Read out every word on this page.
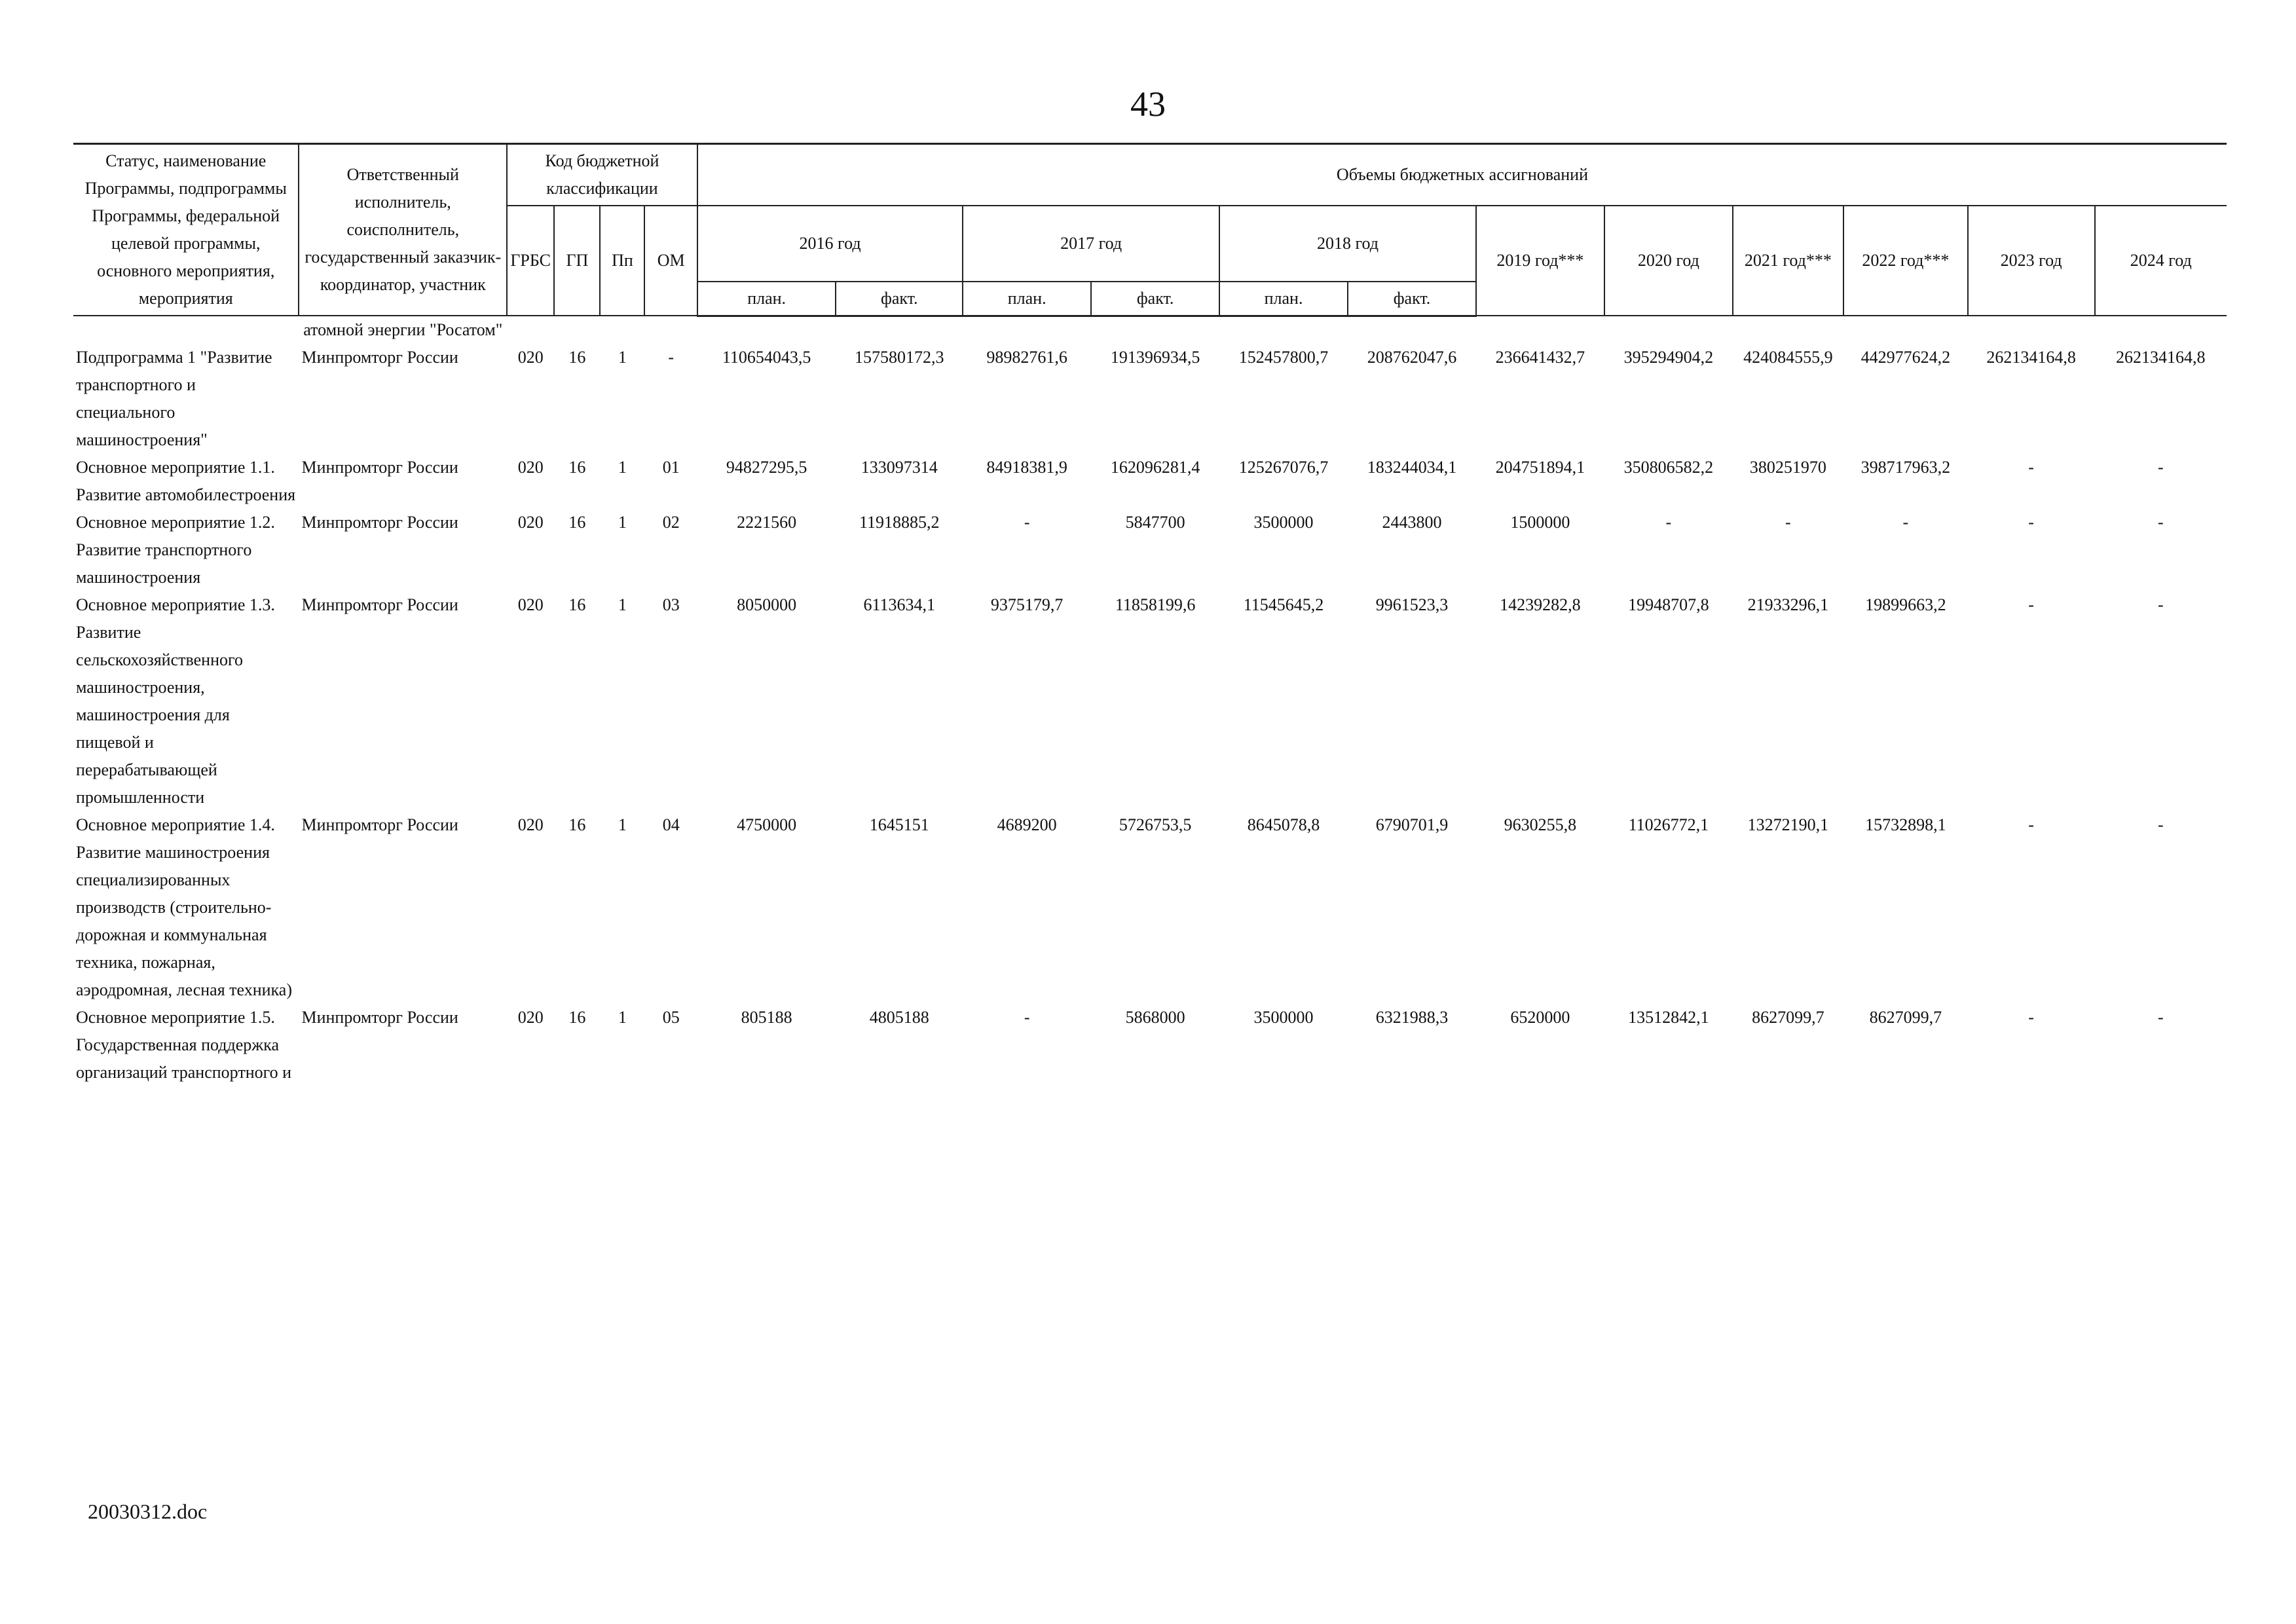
43
Статус, наименование Программы, подпрограммы Программы, федеральной целевой программы, основного мероприятия, мероприятия	Ответственный исполнитель, соисполнитель, государственный заказчик-координатор, участник	Код бюджетной классификации				Объемы бюджетных ассигнований											
		ГРБС	ГП	Пп	ОМ	2016 год		2017 год		2018 год		2019 год***	2020 год	2021 год***	2022 год***	2023 год	2024 год
						план.	факт.	план.	факт.	план.	факт.						
	атомной энергии "Росатом"																
Подпрограмма 1 "Развитие транспортного и специального машиностроения"	Минпромторг России	020	16	1	-	110654043,5	157580172,3	98982761,6	191396934,5	152457800,7	208762047,6	236641432,7	395294904,2	424084555,9	442977624,2	262134164,8	262134164,8
Основное мероприятие 1.1. Развитие автомобилестроения	Минпромторг России	020	16	1	01	94827295,5	133097314	84918381,9	162096281,4	125267076,7	183244034,1	204751894,1	350806582,2	380251970	398717963,2	-	-
Основное мероприятие 1.2. Развитие транспортного машиностроения	Минпромторг России	020	16	1	02	2221560	11918885,2	-	5847700	3500000	2443800	1500000	-	-	-	-	-
Основное мероприятие 1.3. Развитие сельскохозяйственного машиностроения, машиностроения для пищевой и перерабатывающей промышленности	Минпромторг России	020	16	1	03	8050000	6113634,1	9375179,7	11858199,6	11545645,2	9961523,3	14239282,8	19948707,8	21933296,1	19899663,2	-	-
Основное мероприятие 1.4. Развитие машиностроения специализированных производств (строительно-дорожная и коммунальная техника, пожарная, аэродромная, лесная техника)	Минпромторг России	020	16	1	04	4750000	1645151	4689200	5726753,5	8645078,8	6790701,9	9630255,8	11026772,1	13272190,1	15732898,1	-	-
Основное мероприятие 1.5. Государственная поддержка организаций транспортного и	Минпромторг России	020	16	1	05	805188	4805188	-	5868000	3500000	6321988,3	6520000	13512842,1	8627099,7	8627099,7	-	-
20030312.doc
